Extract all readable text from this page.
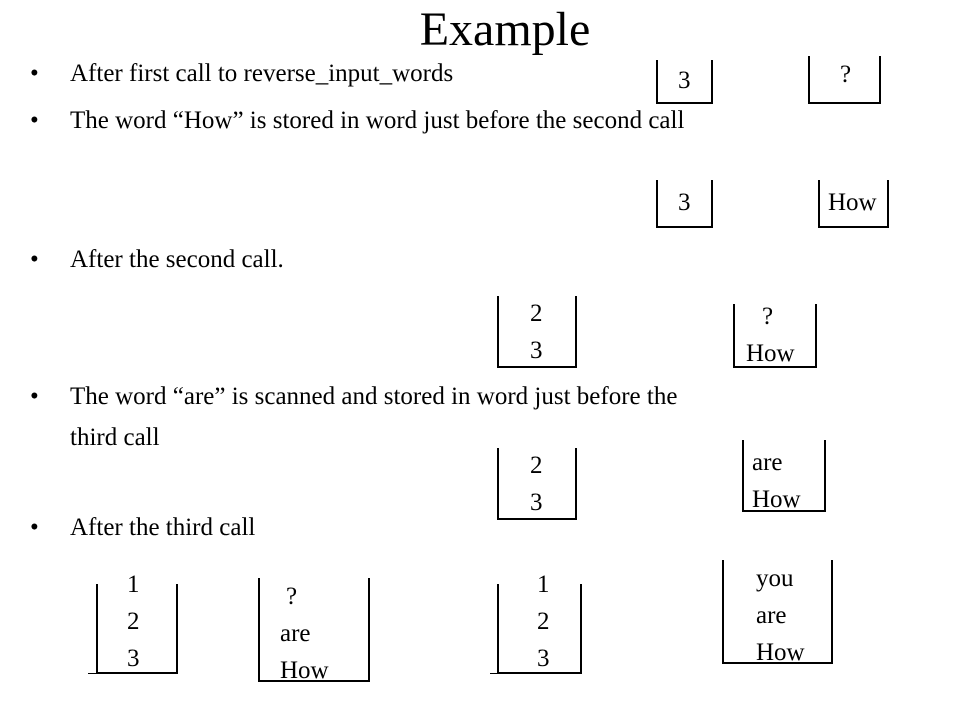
Example
• After first call to reverse_input_words
• The word “How” is stored in word just before the second call
• After the second call.
• The word “are” is scanned and stored in word just before the
third call
• After the third call
3	?
3	How
2
3
?
How
2
3
are
How
1
2
3
?
are
How
1
2
3
you
are
How
